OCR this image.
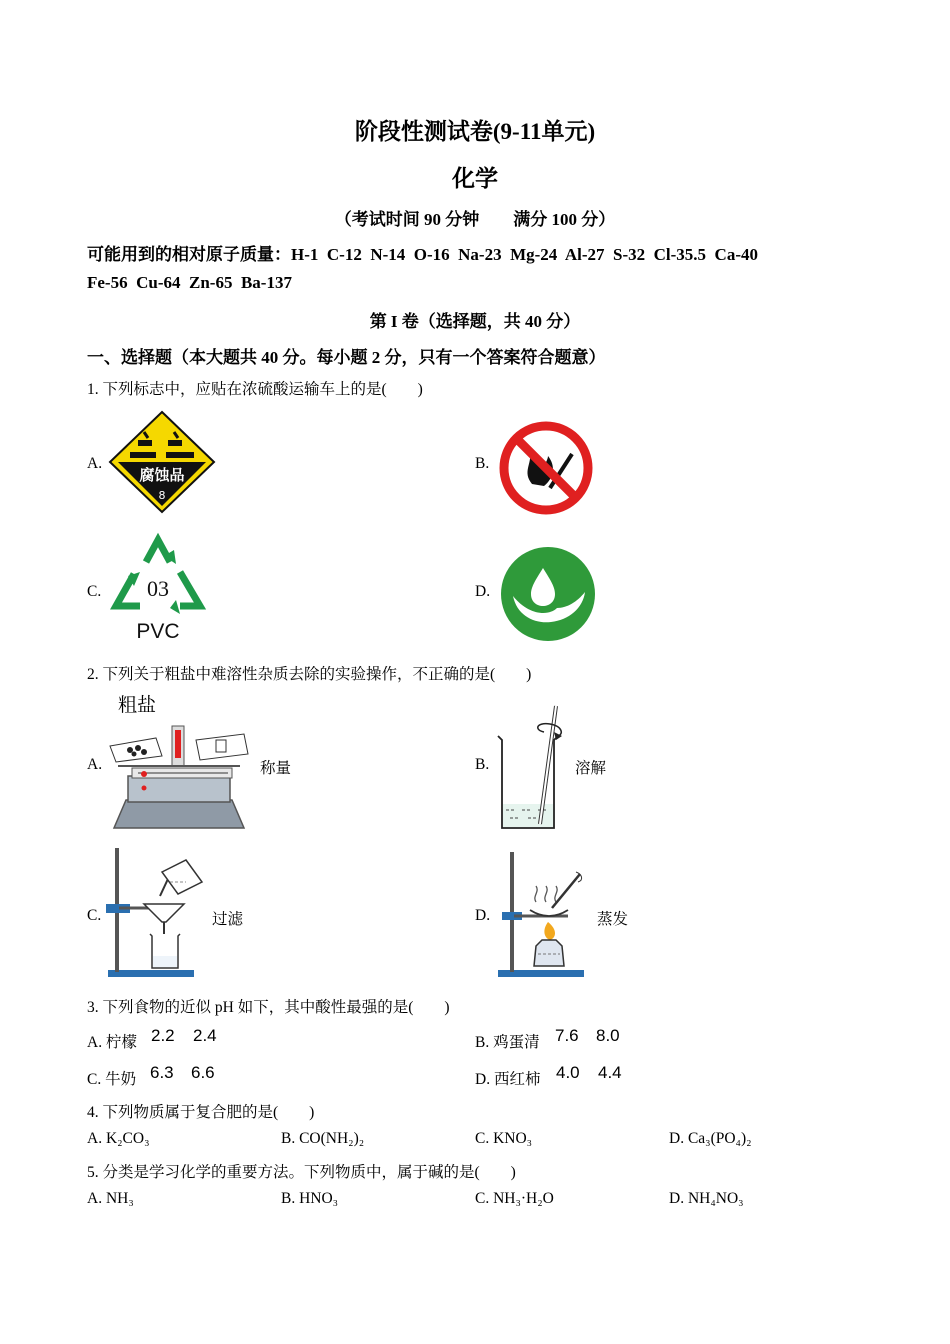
阶段性测试卷(9-11单元)
化学
（考试时间 90 分钟　　满分 100 分）
可能用到的相对原子质量：H-1  C-12  N-14  O-16  Na-23  Mg-24  Al-27  S-32  Cl-35.5  Ca-40
Fe-56  Cu-64  Zn-65  Ba-137
第 I 卷（选择题，共 40 分）
一、选择题（本大题共 40 分。每小题 2 分，只有一个答案符合题意）
1. 下列标志中，应贴在浓硫酸运输车上的是(　　)
A.
腐蚀品
8
B.
C. 03
PVC
D.
2. 下列关于粗盐中难溶性杂质去除的实验操作，不正确的是(　　)
A.
粗盐
称量	B.	溶解
C.	过滤	D.	蒸发
3. 下列食物的近似 pH 如下，其中酸性最强的是(　　)
A. 柠檬 2.2 2.4	B. 鸡蛋清 7.6 8.0
C. 牛奶 6.3 6.6	D. 西红柿 4.0 4.4
4. 下列物质属于复合肥的是(　　)
A. K₂CO₃	B. CO(NH₂)₂	C. KNO₃	D. Ca₃(PO₄)₂
5. 分类是学习化学的重要方法。下列物质中，属于碱的是(　　)
A. NH₃	B. HNO₃	C. NH₃·H₂O	D. NH₄NO₃
